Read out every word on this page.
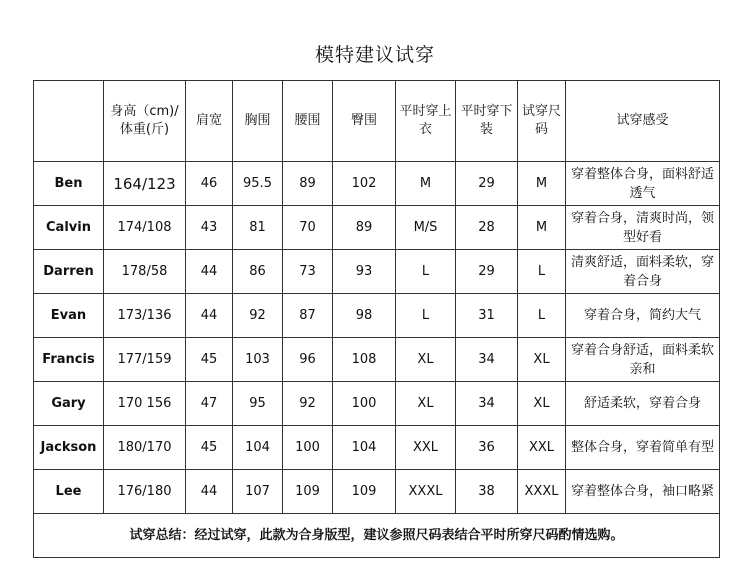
模特建议试穿
	身高（cm)/体重(斤)	肩宽	胸围	腰围	臀围	平时穿上衣	平时穿下装	试穿尺码	试穿感受
Ben	164/123	46	95.5	89	102	M	29	M	穿着整体合身，面料舒适透气
Calvin	174/108	43	81	70	89	M/S	28	M	穿着合身，清爽时尚，领型好看
Darren	178/58	44	86	73	93	L	29	L	清爽舒适，面料柔软，穿着合身
Evan	173/136	44	92	87	98	L	31	L	穿着合身，简约大气
Francis	177/159	45	103	96	108	XL	34	XL	穿着合身舒适，面料柔软亲和
Gary	170 156	47	95	92	100	XL	34	XL	舒适柔软，穿着合身
Jackson	180/170	45	104	100	104	XXL	36	XXL	整体合身，穿着简单有型
Lee	176/180	44	107	109	109	XXXL	38	XXXL	穿着整体合身，袖口略紧
试穿总结：经过试穿，此款为合身版型，建议参照尺码表结合平时所穿尺码酌情选购。									
